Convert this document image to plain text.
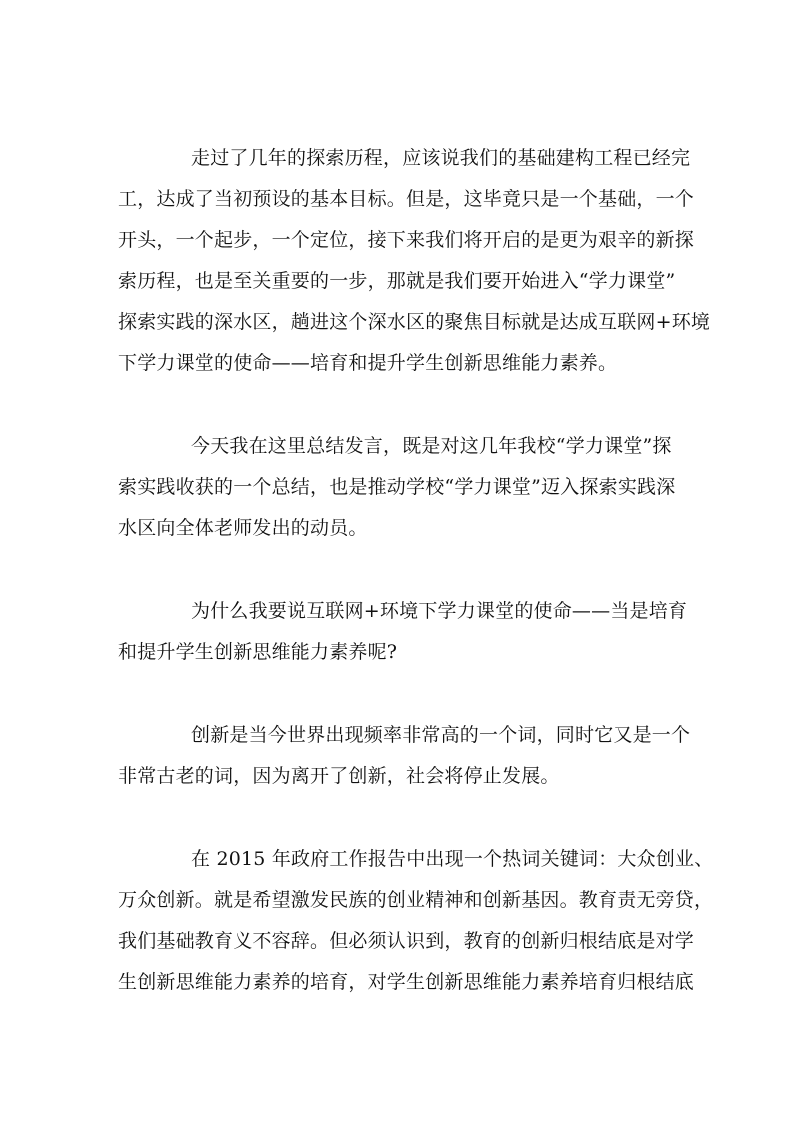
走过了几年的探索历程，应该说我们的基础建构工程已经完
工，达成了当初预设的基本目标。但是，这毕竟只是一个基础，一个
开头，一个起步，一个定位，接下来我们将开启的是更为艰辛的新探
索历程，也是至关重要的一步，那就是我们要开始进入“学力课堂”
探索实践的深水区，趟进这个深水区的聚焦目标就是达成互联网+环境
下学力课堂的使命——培育和提升学生创新思维能力素养。
今天我在这里总结发言，既是对这几年我校“学力课堂”探
索实践收获的一个总结，也是推动学校“学力课堂”迈入探索实践深
水区向全体老师发出的动员。
为什么我要说互联网+环境下学力课堂的使命——当是培育
和提升学生创新思维能力素养呢?
创新是当今世界出现频率非常高的一个词，同时它又是一个
非常古老的词，因为离开了创新，社会将停止发展。
在 2015 年政府工作报告中出现一个热词关键词：大众创业、
万众创新。就是希望激发民族的创业精神和创新基因。教育责无旁贷，
我们基础教育义不容辞。但必须认识到，教育的创新归根结底是对学
生创新思维能力素养的培育，对学生创新思维能力素养培育归根结底
